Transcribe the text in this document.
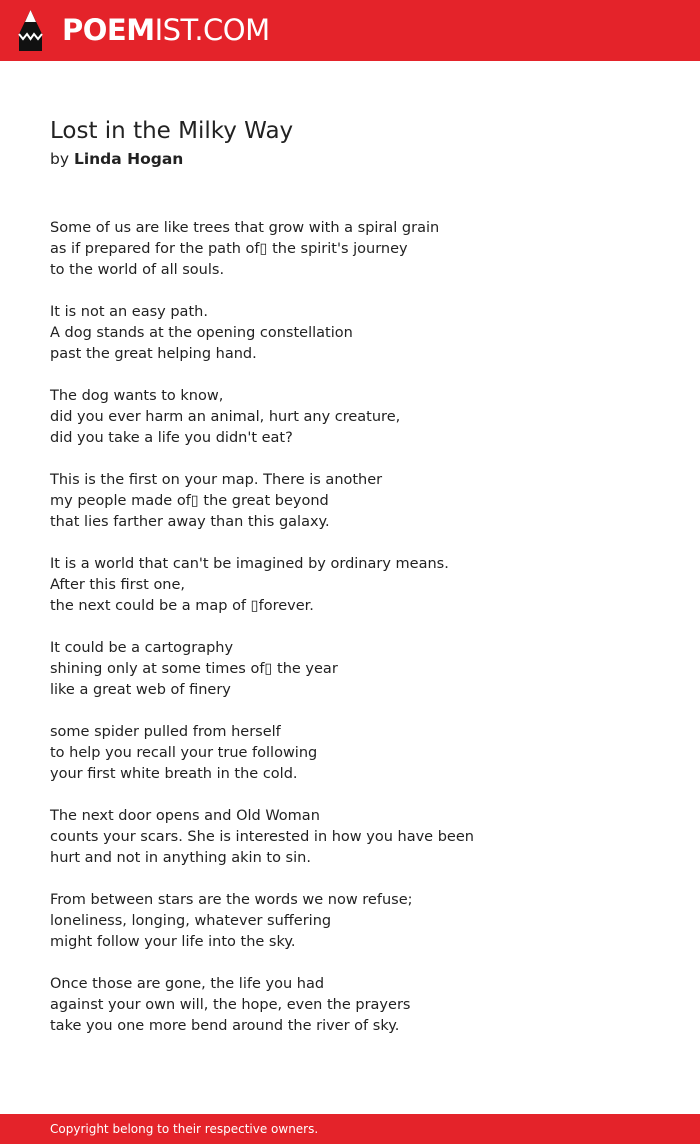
POEMIST.COM
Lost in the Milky Way
by Linda Hogan
Some of us are like trees that grow with a spiral grain
as if prepared for the path of▯ the spirit's journey
to the world of all souls.
It is not an easy path.
A dog stands at the opening constellation
past the great helping hand.
The dog wants to know,
did you ever harm an animal, hurt any creature,
did you take a life you didn't eat?
This is the first on your map. There is another
my people made of▯ the great beyond
that lies farther away than this galaxy.
It is a world that can't be imagined by ordinary means.
After this first one,
the next could be a map of ▯forever.
It could be a cartography
shining only at some times of▯ the year
like a great web of finery
some spider pulled from herself
to help you recall your true following
your first white breath in the cold.
The next door opens and Old Woman
counts your scars. She is interested in how you have been
hurt and not in anything akin to sin.
From between stars are the words we now refuse;
loneliness, longing, whatever suffering
might follow your life into the sky.
Once those are gone, the life you had
against your own will, the hope, even the prayers
take you one more bend around the river of sky.
Copyright belong to their respective owners.
